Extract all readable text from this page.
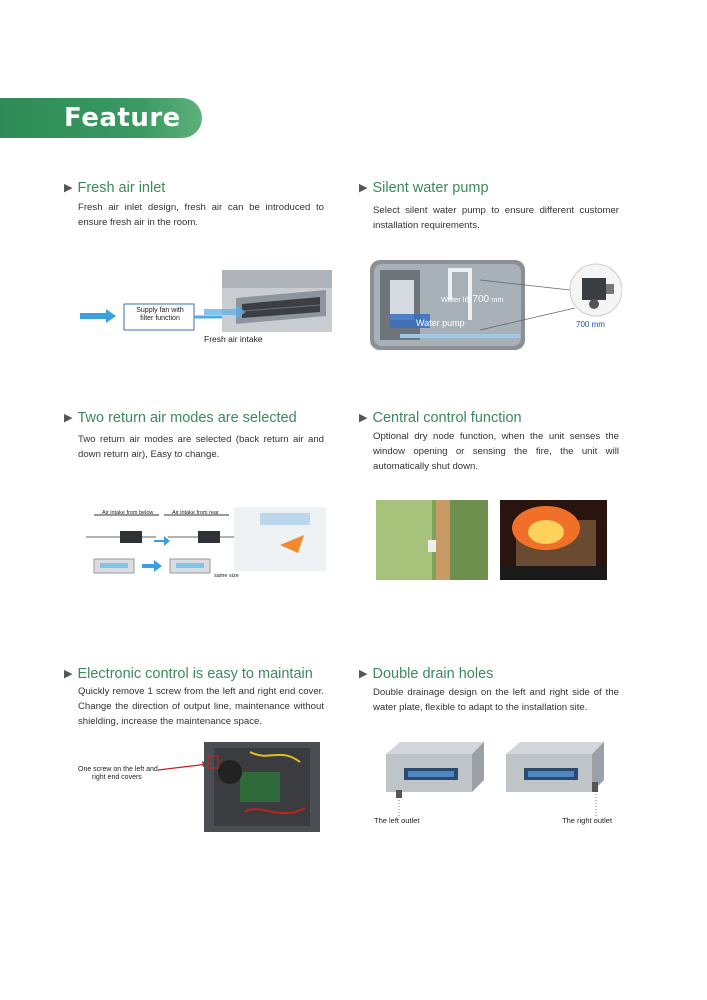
Feature
▶ Fresh air inlet
Fresh air inlet design, fresh air can be introduced to ensure fresh air in the room.
Supply fan with
filter function
Fresh air intake
▶ Silent water pump
Select silent water pump to ensure different customer installation requirements.
Water lift 700 mm
Water pump	700 mm
▶ Two return air modes are selected
Two return air modes are selected (back return air and down return air), Easy to change.
Air intake from below	Air intake from rear
same size
▶ Central control function
Optional dry node function, when the unit senses the window opening or sensing the fire, the unit will automatically shut down.
▶ Electronic control is easy to maintain
Quickly remove 1 screw from the left and right end cover. Change the direction of output line, maintenance without shielding, increase the maintenance space.
One screw on the left and
right end covers
▶ Double drain holes
Double drainage design on the left and right side of the water plate, flexible to adapt to the installation site.
The left outlet	The right outlet
